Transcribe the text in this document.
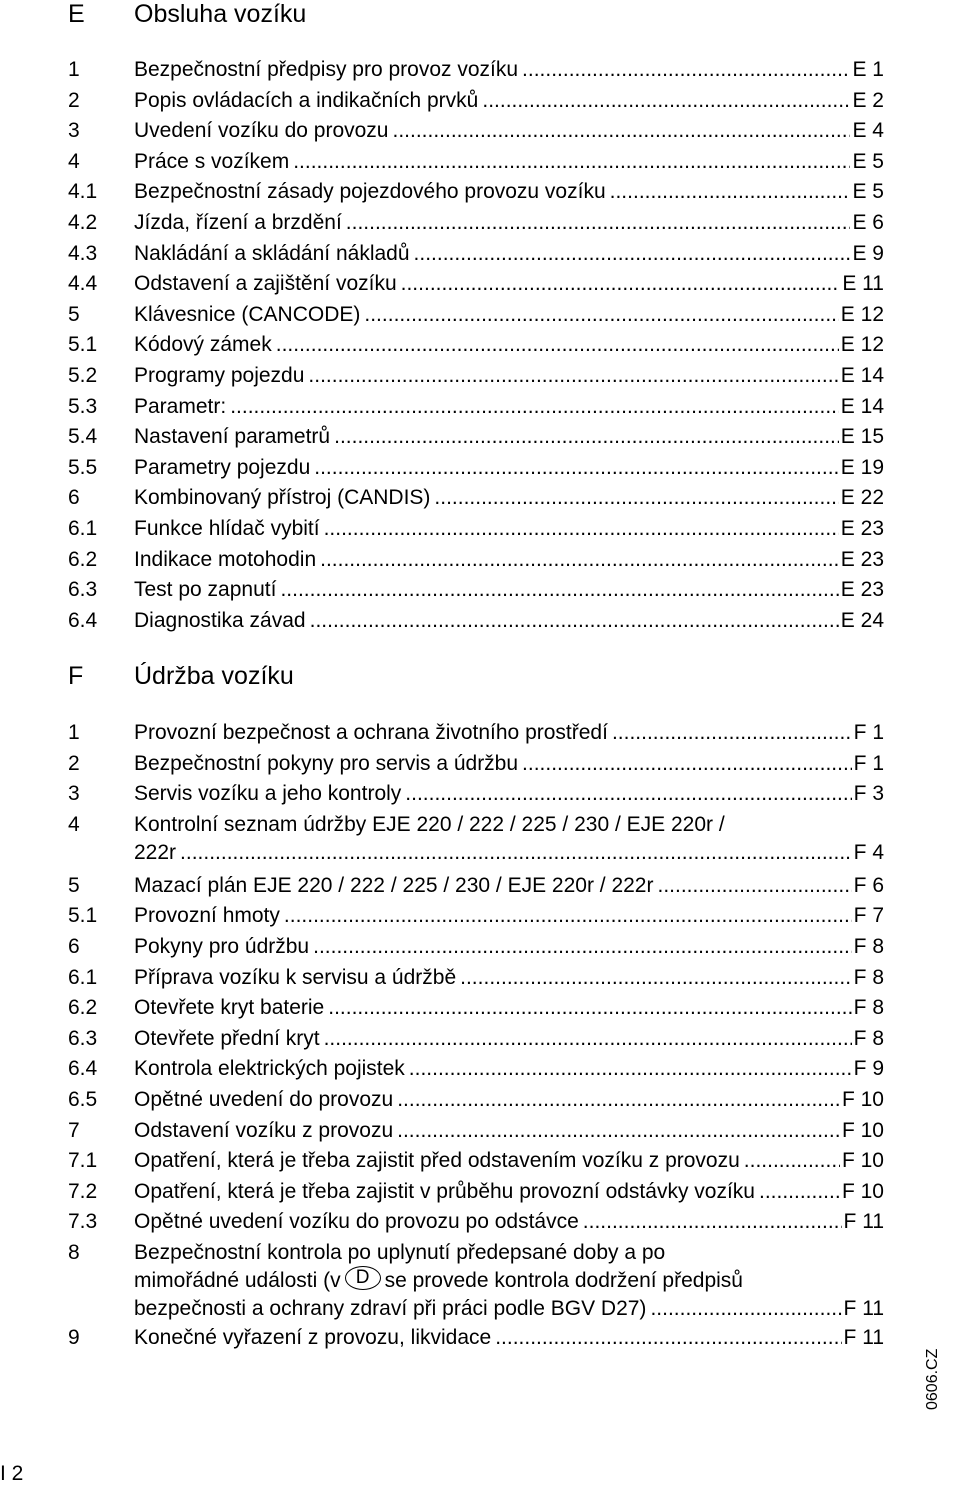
E Obsluha vozíku
1	Bezpečnostní předpisy pro provoz vozíku .....	E 1
2	Popis ovládacích a indikačních prvků .....	E 2
3	Uvedení vozíku do provozu .....	E 4
4	Práce s vozíkem .....	E 5
4.1 Bezpečnostní zásady pojezdového provozu vozíku .....	E 5
4.2 Jízda, řízení a brzdění .....	E 6
4.3 Nakládání a skládání nákladů .....	E 9
4.4 Odstavení a zajištění vozíku .....	E 11
5	Klávesnice (CANCODE) .....	E 12
5.1 Kódový zámek .....	E 12
5.2 Programy pojezdu .....	E 14
5.3 Parametr: .....	E 14
5.4 Nastavení parametrů .....	E 15
5.5 Parametry pojezdu .....	E 19
6	Kombinovaný přístroj (CANDIS) .....	E 22
6.1 Funkce hlídač vybití .....	E 23
6.2 Indikace motohodin .....	E 23
6.3 Test po zapnutí .....	E 23
6.4 Diagnostika závad .....	E 24
F Údržba vozíku
1	Provozní bezpečnost a ochrana životního prostředí .....	F 1
2	Bezpečnostní pokyny pro servis a údržbu .....	F 1
3	Servis vozíku a jeho kontroly .....	F 3
4	Kontrolní seznam údržby EJE 220 / 222 / 225 / 230 / EJE 220r /
222r .....	F 4
5	Mazací plán EJE 220 / 222 / 225 / 230 / EJE 220r / 222r .....	F 6
5.1 Provozní hmoty .....	F 7
6	Pokyny pro údržbu .....	F 8
6.1 Příprava vozíku k servisu a údržbě .....	F 8
6.2 Otevřete kryt baterie .....	F 8
6.3 Otevřete přední kryt .....	F 8
6.4 Kontrola elektrických pojistek .....	F 9
6.5 Opětné uvedení do provozu .....	F 10
7	Odstavení vozíku z provozu .....	F 10
7.1 Opatření, která je třeba zajistit před odstavením vozíku z provozu .....	F 10
7.2 Opatření, která je třeba zajistit v průběhu provozní odstávky vozíku .....	F 10
7.3 Opětné uvedení vozíku do provozu po odstávce .....	F 11
8	Bezpečnostní kontrola po uplynutí předepsané doby a po
mimořádné události (v D se provede kontrola dodržení předpisů
bezpečnosti a ochrany zdraví při práci podle BGV D27) .....	F 11
9	Konečné vyřazení z provozu, likvidace .....	F 11
0606.CZ
I 2
